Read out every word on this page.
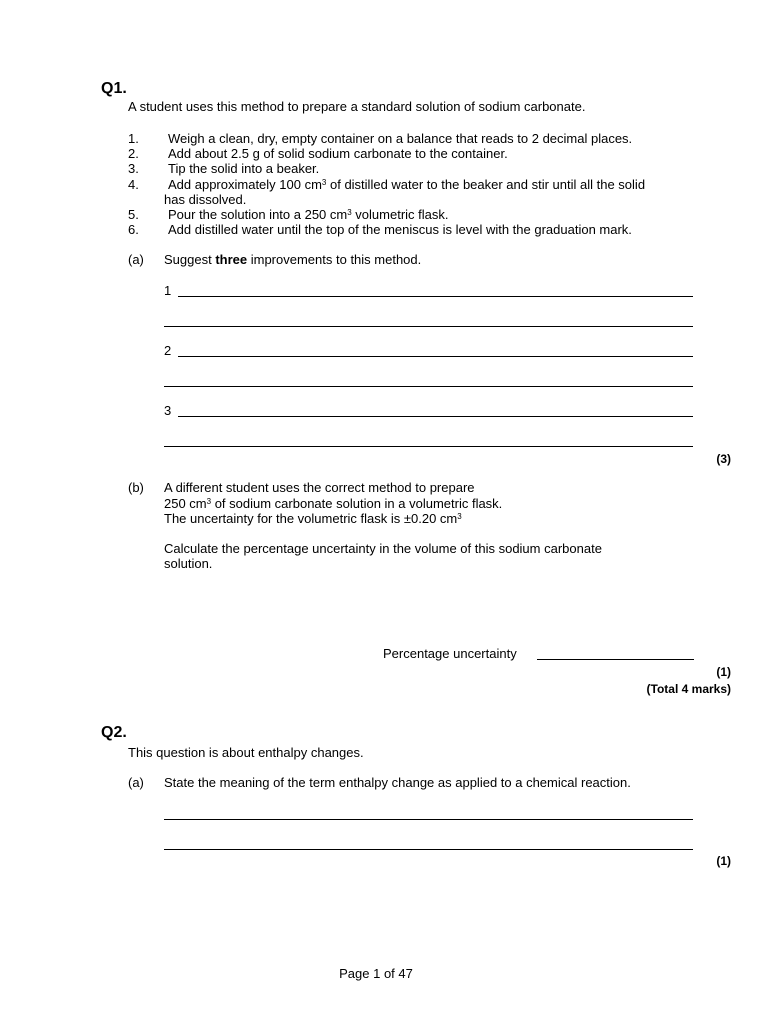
Q1.
A student uses this method to prepare a standard solution of sodium carbonate.
1.	Weigh a clean, dry, empty container on a balance that reads to 2 decimal places.
2.	Add about 2.5 g of solid sodium carbonate to the container.
3.	Tip the solid into a beaker.
4.	Add approximately 100 $cm^3$ of distilled water to the beaker and stir until all the solid
has dissolved.
5.	Pour the solution into a 250 $cm^3$ volumetric flask.
6.	Add distilled water until the top of the meniscus is level with the graduation mark.
(a) Suggest three improvements to this method.
1
2
3
(3)
(b) A different student uses the correct method to prepare
250 $cm^3$ of sodium carbonate solution in a volumetric flask.
The uncertainty for the volumetric flask is ±0.20 $cm^3$
Calculate the percentage uncertainty in the volume of this sodium carbonate
solution.
Percentage uncertainty
(1)
(Total 4 marks)
Q2.
This question is about enthalpy changes.
(a) State the meaning of the term enthalpy change as applied to a chemical reaction.
(1)
Page 1 of 47
